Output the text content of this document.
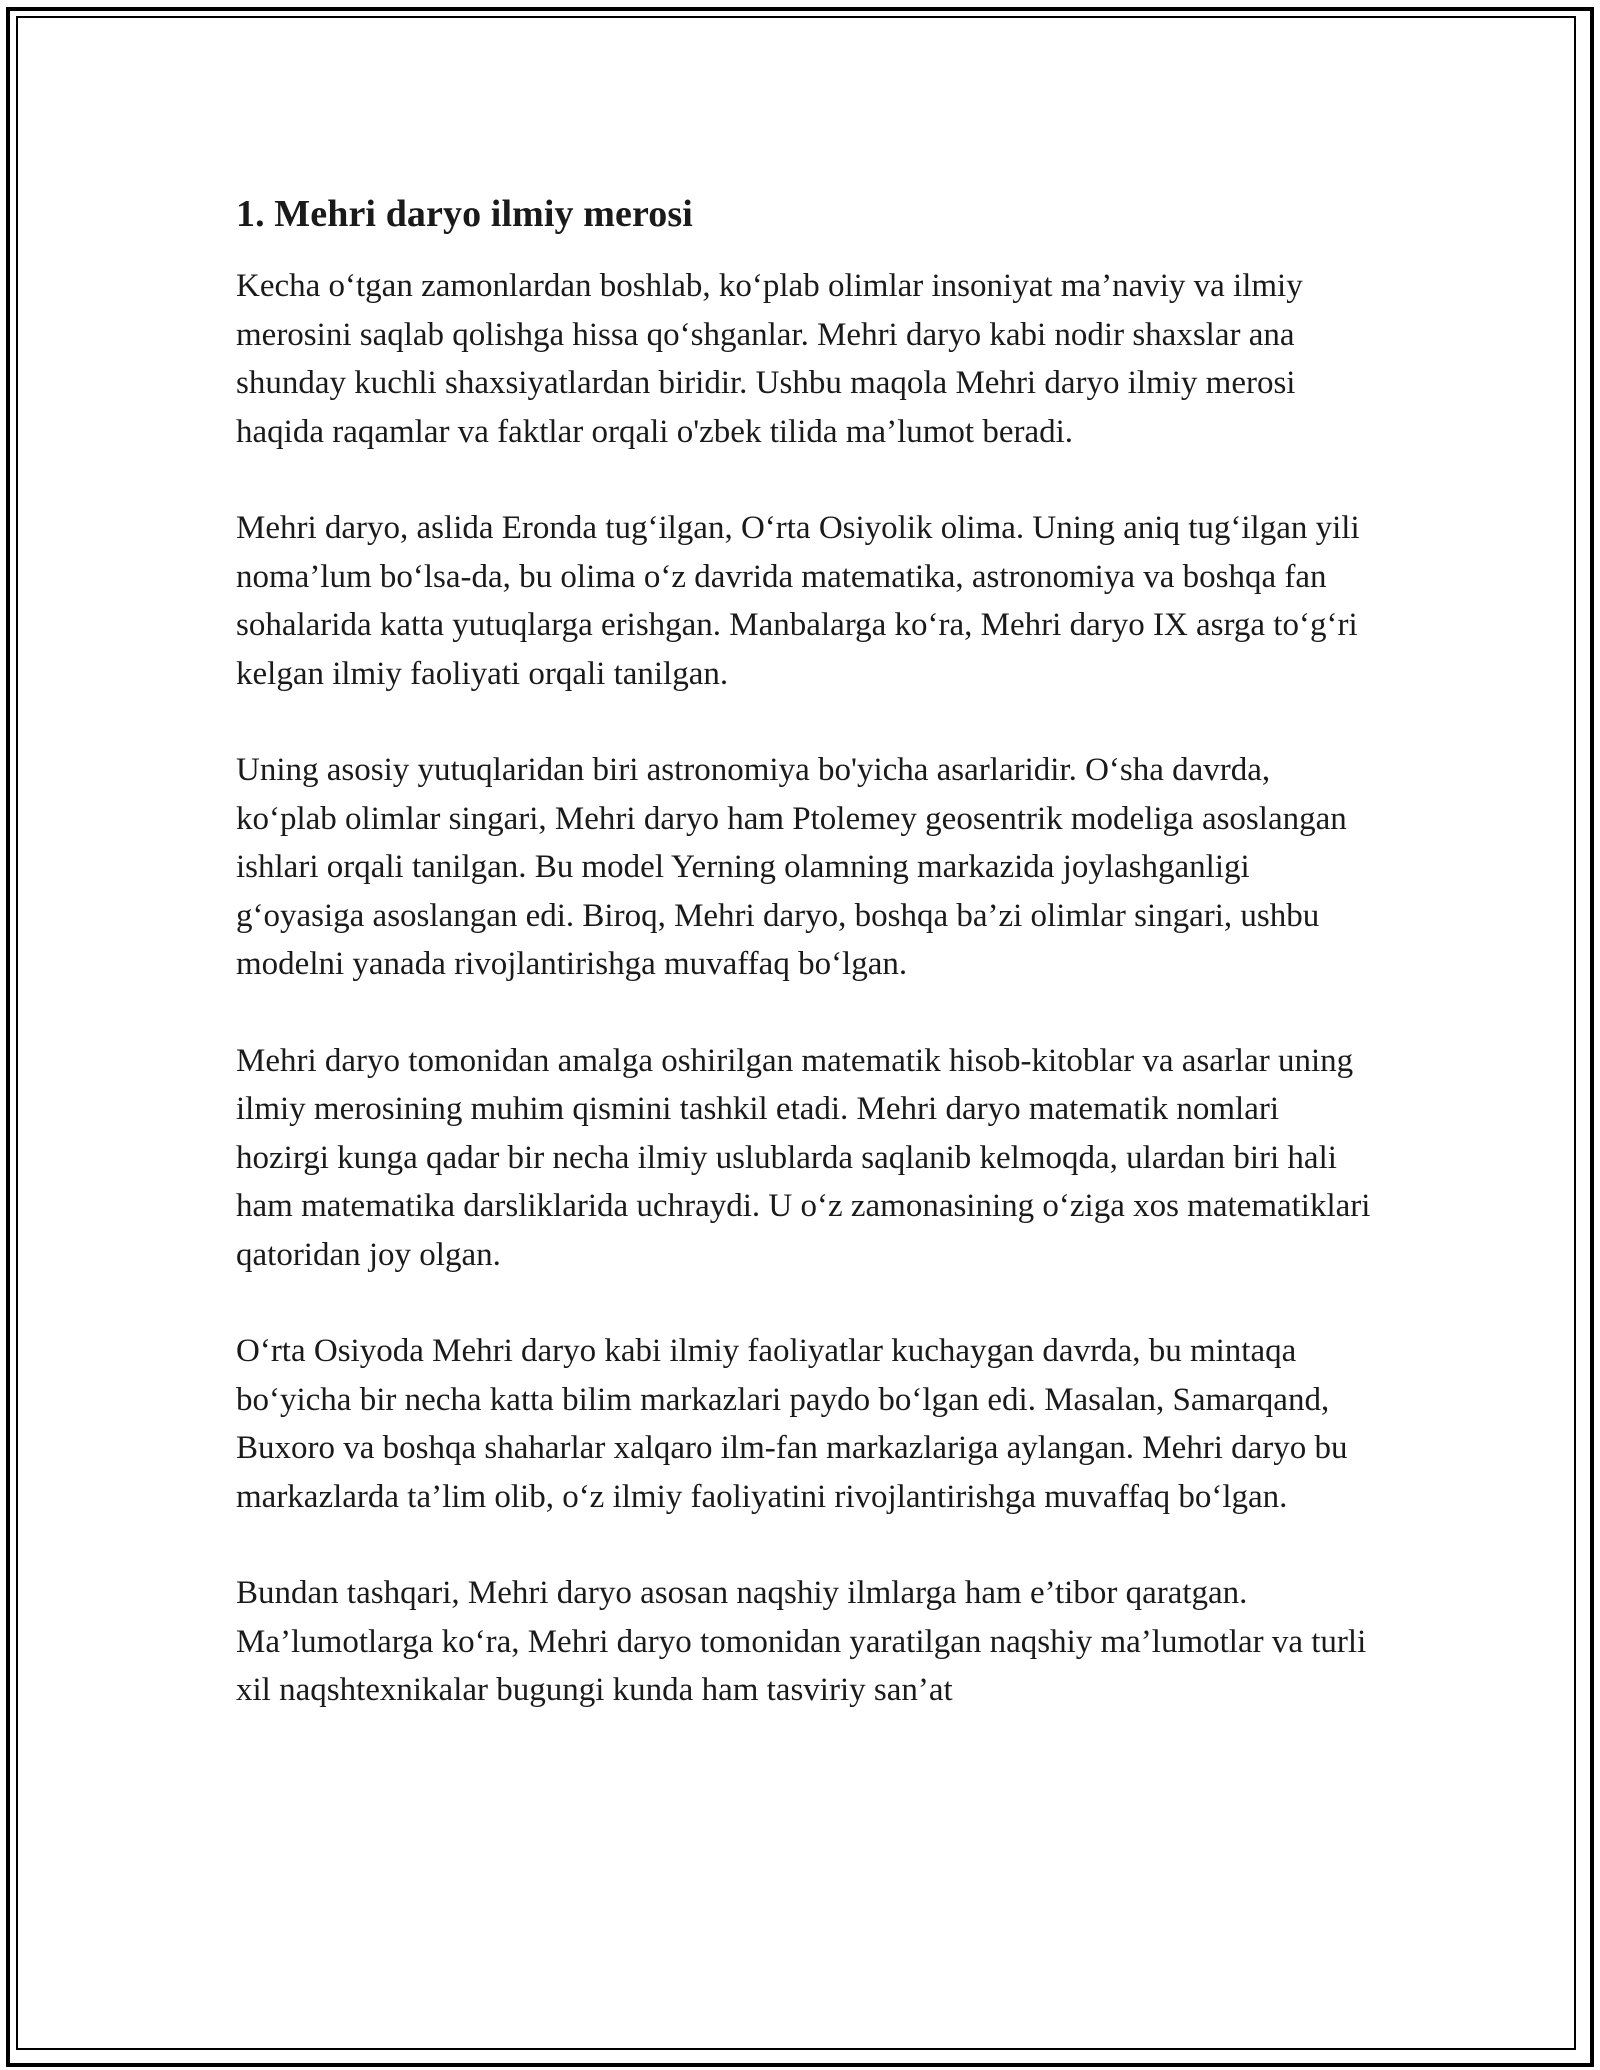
1. Mehri daryo ilmiy merosi

Kecha o‘tgan zamonlardan boshlab, ko‘plab olimlar insoniyat ma’naviy va ilmiy merosini saqlab qolishga hissa qo‘shganlar. Mehri daryo kabi nodir shaxslar ana shunday kuchli shaxsiyatlardan biridir. Ushbu maqola Mehri daryo ilmiy merosi haqida raqamlar va faktlar orqali o'zbek tilida ma’lumot beradi.

Mehri daryo, aslida Eronda tug‘ilgan, O‘rta Osiyolik olima. Uning aniq tug‘ilgan yili noma’lum bo‘lsa-da, bu olima o‘z davrida matematika, astronomiya va boshqa fan sohalarida katta yutuqlarga erishgan. Manbalarga ko‘ra, Mehri daryo IX asrga to‘g‘ri kelgan ilmiy faoliyati orqali tanilgan.

Uning asosiy yutuqlaridan biri astronomiya bo'yicha asarlaridir. O‘sha davrda, ko‘plab olimlar singari, Mehri daryo ham Ptolemey geosentrik modeliga asoslangan ishlari orqali tanilgan. Bu model Yerning olamning markazida joylashganligi g‘oyasiga asoslangan edi. Biroq, Mehri daryo, boshqa ba’zi olimlar singari, ushbu modelni yanada rivojlantirishga muvaffaq bo‘lgan.

Mehri daryo tomonidan amalga oshirilgan matematik hisob-kitoblar va asarlar uning ilmiy merosining muhim qismini tashkil etadi. Mehri daryo matematik nomlari hozirgi kunga qadar bir necha ilmiy uslublarda saqlanib kelmoqda, ulardan biri hali ham matematika darsliklarida uchraydi. U o‘z zamonasining o‘ziga xos matematiklari qatoridan joy olgan.

O‘rta Osiyoda Mehri daryo kabi ilmiy faoliyatlar kuchaygan davrda, bu mintaqa bo‘yicha bir necha katta bilim markazlari paydo bo‘lgan edi. Masalan, Samarqand, Buxoro va boshqa shaharlar xalqaro ilm-fan markazlariga aylangan. Mehri daryo bu markazlarda ta’lim olib, o‘z ilmiy faoliyatini rivojlantirishga muvaffaq bo‘lgan.

Bundan tashqari, Mehri daryo asosan naqshiy ilmlarga ham e’tibor qaratgan. Ma’lumotlarga ko‘ra, Mehri daryo tomonidan yaratilgan naqshiy ma’lumotlar va turli xil naqshtexnikalar bugungi kunda ham tasviriy san’at
